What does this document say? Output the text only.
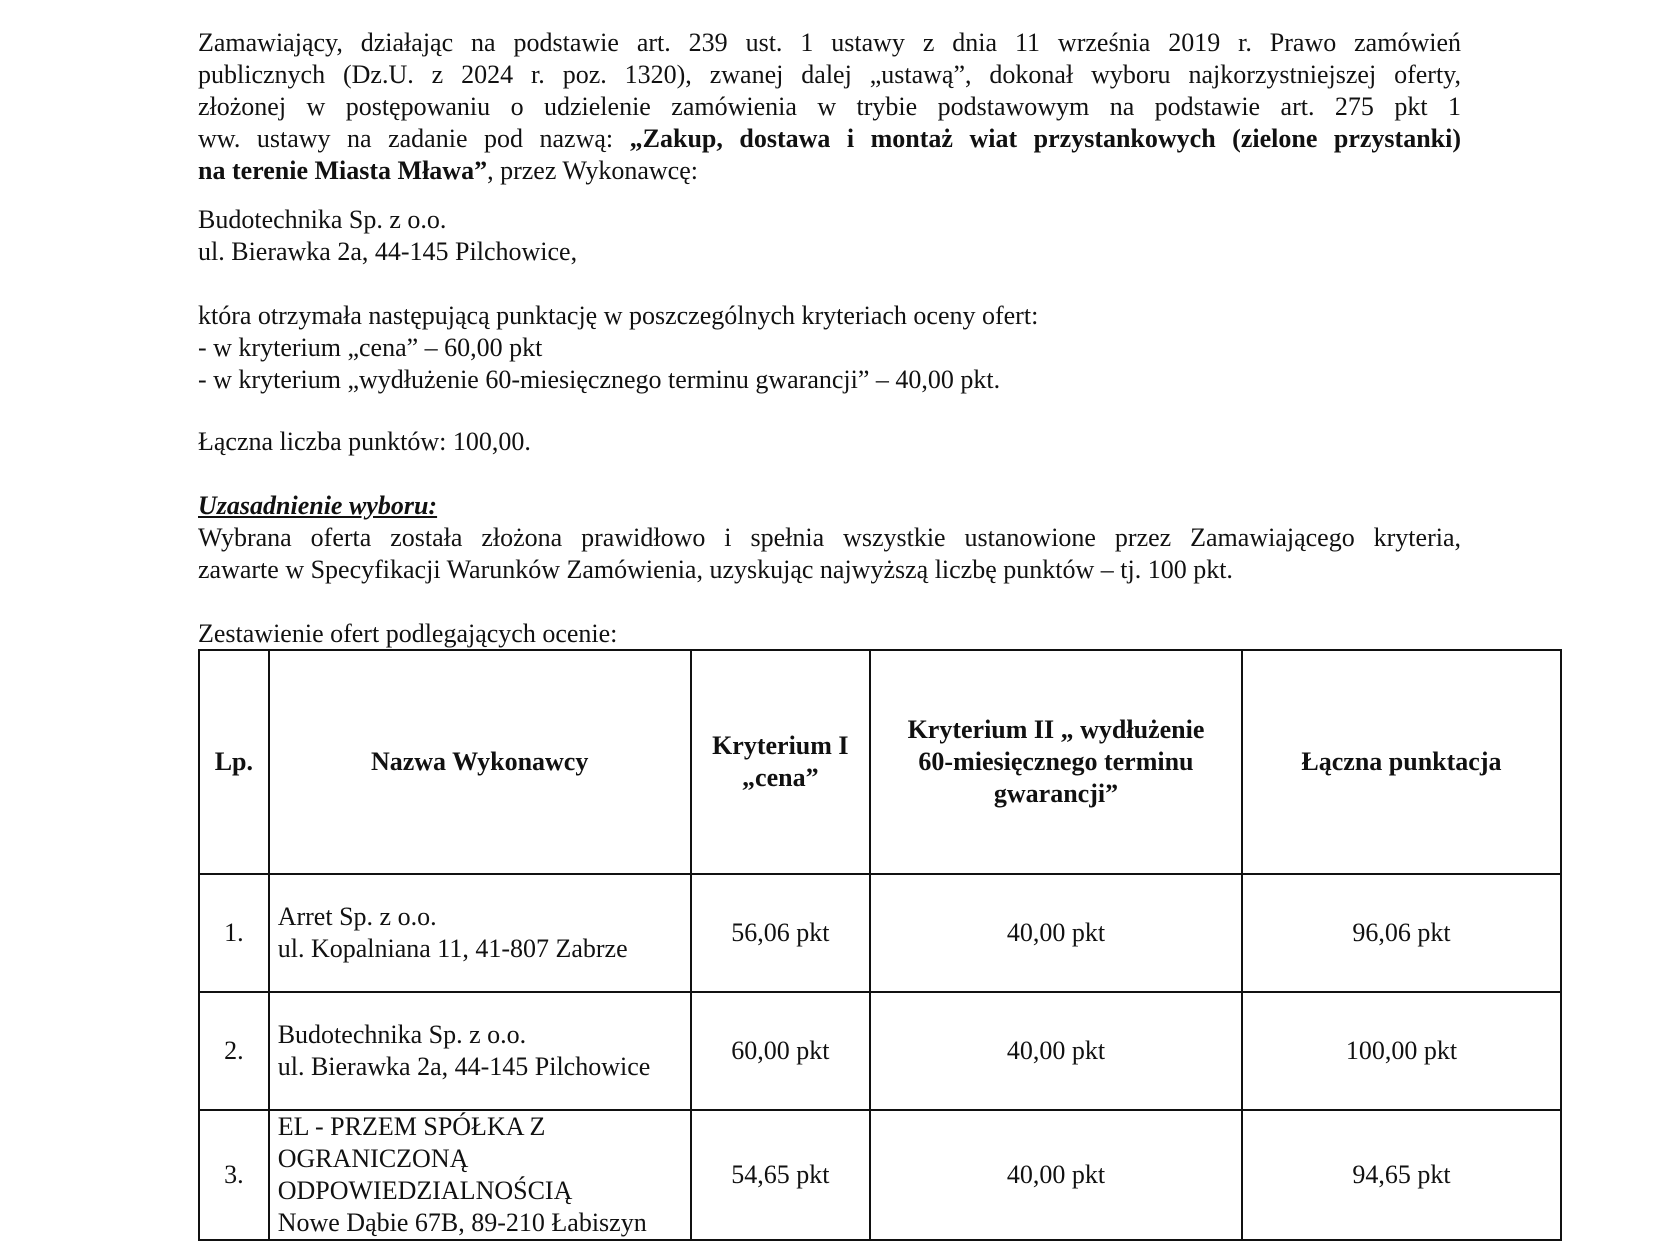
Zamawiający, działając na podstawie art. 239 ust. 1 ustawy z dnia 11 września 2019 r. Prawo zamówień
publicznych (Dz.U. z 2024 r. poz. 1320), zwanej dalej „ustawą”, dokonał wyboru najkorzystniejszej oferty,
złożonej w postępowaniu o udzielenie zamówienia w trybie podstawowym na podstawie art. 275 pkt 1
ww. ustawy na zadanie pod nazwą: „Zakup, dostawa i montaż wiat przystankowych (zielone przystanki)
na terenie Miasta Mława”, przez Wykonawcę:
Budotechnika Sp. z o.o.
ul. Bierawka 2a, 44-145 Pilchowice,
która otrzymała następującą punktację w poszczególnych kryteriach oceny ofert:
- w kryterium „cena” – 60,00 pkt
- w kryterium „wydłużenie 60-miesięcznego terminu gwarancji” – 40,00 pkt.
Łączna liczba punktów: 100,00.
Uzasadnienie wyboru:
Wybrana oferta została złożona prawidłowo i spełnia wszystkie ustanowione przez Zamawiającego kryteria,
zawarte w Specyfikacji Warunków Zamówienia, uzyskując najwyższą liczbę punktów – tj. 100 pkt.
Zestawienie ofert podlegających ocenie:
Lp.	Nazwa Wykonawcy	Kryterium I
„cena”	Kryterium II „ wydłużenie
60-miesięcznego terminu
gwarancji”	Łączna punktacja
1.	Arret Sp. z o.o.
ul. Kopalniana 11, 41-807 Zabrze	56,06 pkt	40,00 pkt	96,06 pkt
2.	Budotechnika Sp. z o.o.
ul. Bierawka 2a, 44-145 Pilchowice	60,00 pkt	40,00 pkt	100,00 pkt
3.	EL - PRZEM SPÓŁKA Z
OGRANICZONĄ
ODPOWIEDZIALNOŚCIĄ
Nowe Dąbie 67B, 89-210 Łabiszyn	54,65 pkt	40,00 pkt	94,65 pkt
